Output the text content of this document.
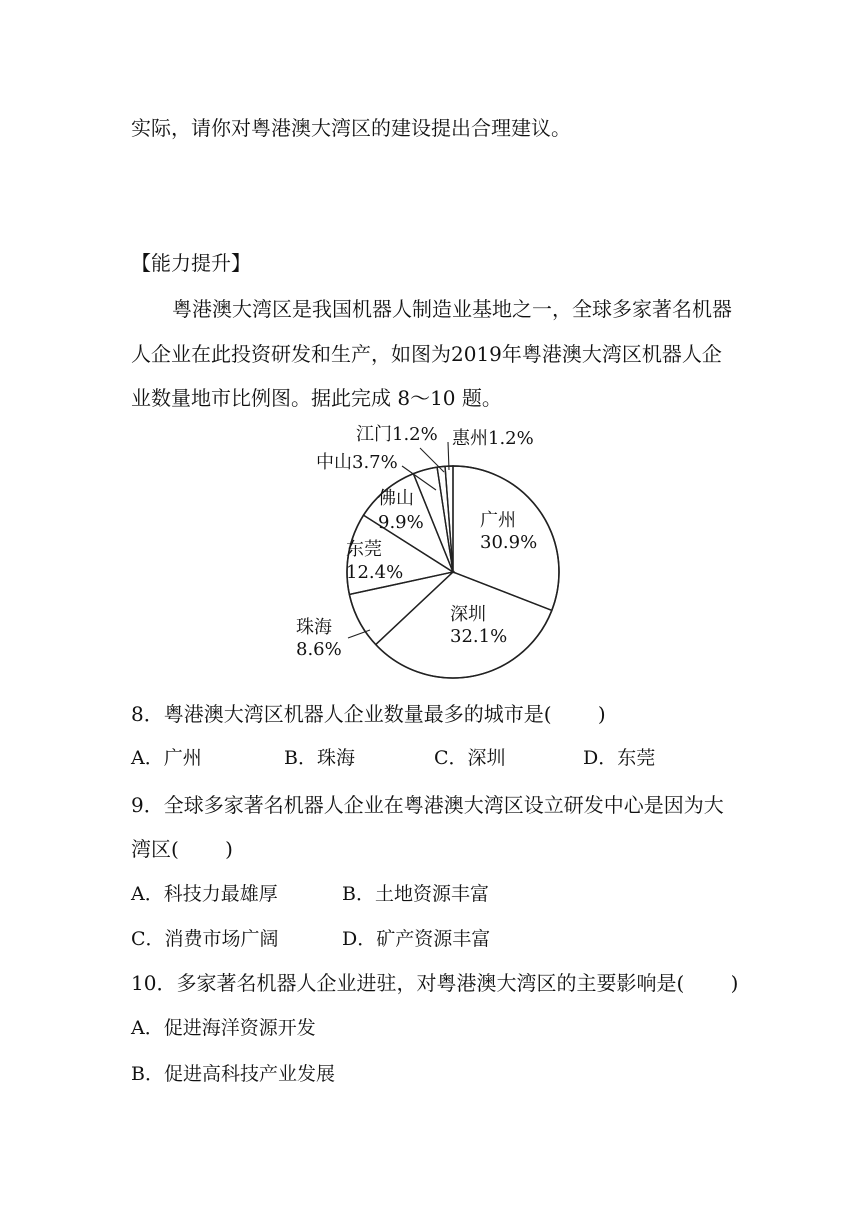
实际，请你对粤港澳大湾区的建设提出合理建议。
【能力提升】
粤港澳大湾区是我国机器人制造业基地之一，全球多家著名机器
人企业在此投资研发和生产，如图为2019年粤港澳大湾区机器人企
业数量地市比例图。据此完成 8～10 题。
广州
30.9%
深圳
32.1%
珠海
8.6%
东莞
12.4%
佛山
9.9%
中山3.7%
江门1.2% 惠州1.2%
8．粤港澳大湾区机器人企业数量最多的城市是(　　 )
A．广州	B．珠海	C．深圳	D．东莞
9．全球多家著名机器人企业在粤港澳大湾区设立研发中心是因为大
湾区(　　 )
A．科技力最雄厚	B．土地资源丰富
C．消费市场广阔	D．矿产资源丰富
10．多家著名机器人企业进驻，对粤港澳大湾区的主要影响是(　　 )
A．促进海洋资源开发
B．促进高科技产业发展
